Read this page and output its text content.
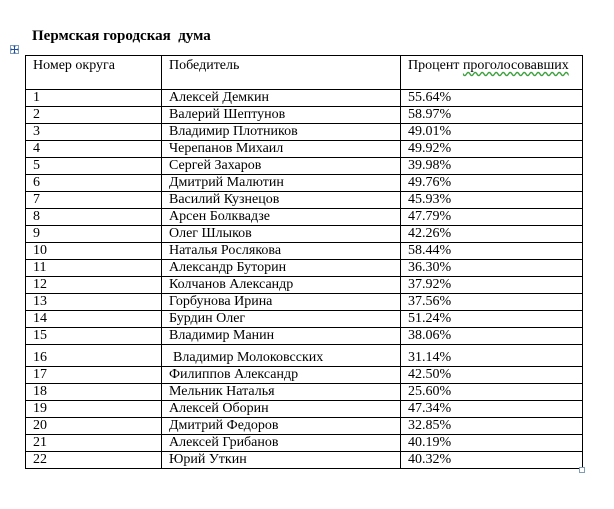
Пермская городская  дума
Номер округа	Победитель	Процент проголосовавших
1	Алексей Демкин	55.64%
2	Валерий Шептунов	58.97%
3	Владимир Плотников	49.01%
4	Черепанов Михаил	49.92%
5	Сергей Захаров	39.98%
6	Дмитрий Малютин	49.76%
7	Василий Кузнецов	45.93%
8	Арсен Болквадзе	47.79%
9	Олег Шлыков	42.26%
10	Наталья Рослякова	58.44%
11	Александр Буторин	36.30%
12	Колчанов Александр	37.92%
13	Горбунова Ирина	37.56%
14	Бурдин Олег	51.24%
15	Владимир Манин	38.06%
16	Владимир Молоковсских	31.14%
17	Филиппов Александр	42.50%
18	Мельник Наталья	25.60%
19	Алексей Оборин	47.34%
20	Дмитрий Федоров	32.85%
21	Алексей Грибанов	40.19%
22	Юрий Уткин	40.32%
